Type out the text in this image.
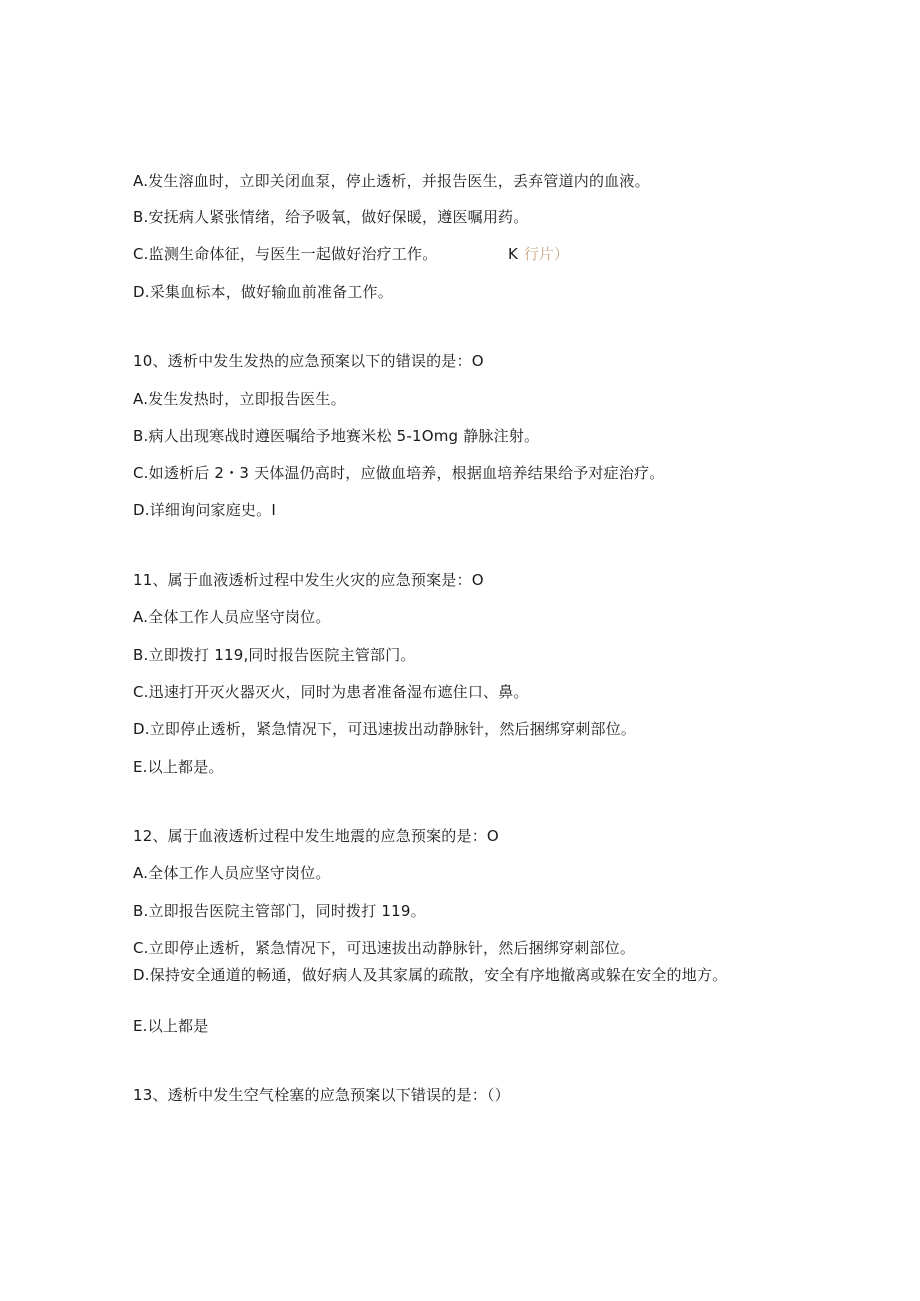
A.发生溶血时，立即关闭血泵，停止透析，并报告医生，丢弃管道内的血液。
B.安抚病人紧张情绪，给予吸氧，做好保暖，遵医嘱用药。
C.监测生命体征，与医生一起做好治疗工作。	K 行片）
D.采集血标本，做好输血前准备工作。
10、透析中发生发热的应急预案以下的错误的是：O
A.发生发热时，立即报告医生。
B.病人出现寒战时遵医嘱给予地赛米松 5-1Omg 静脉注射。
C.如透析后 2・3 天体温仍高时，应做血培养，根据血培养结果给予对症治疗。
D.详细询问家庭史。I
11、属于血液透析过程中发生火灾的应急预案是：O
A.全体工作人员应坚守岗位。
B.立即拨打 119,同时报告医院主管部门。
C.迅速打开灭火器灭火，同时为患者准备湿布遮住口、鼻。
D.立即停止透析，紧急情况下，可迅速拔出动静脉针，然后捆绑穿刺部位。
E.以上都是。
12、属于血液透析过程中发生地震的应急预案的是：O
A.全体工作人员应坚守岗位。
B.立即报告医院主管部门，同时拨打 119。
C.立即停止透析，紧急情况下，可迅速拔出动静脉针，然后捆绑穿刺部位。
D.保持安全通道的畅通，做好病人及其家属的疏散，安全有序地撤离或躲在安全的地方。
E.以上都是
13、透析中发生空气栓塞的应急预案以下错误的是：（）
